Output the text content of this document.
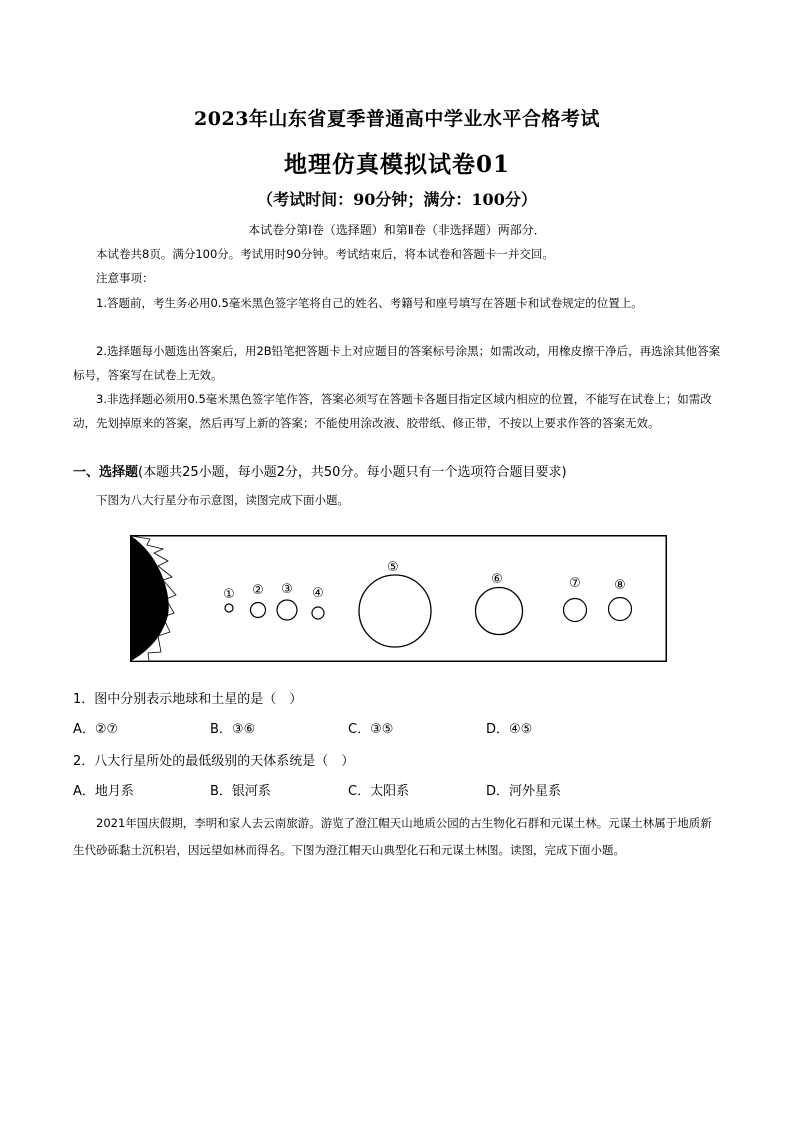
2023年山东省夏季普通高中学业水平合格考试
地理仿真模拟试卷01
（考试时间：90分钟；满分：100分）
本试卷分第Ⅰ卷（选择题）和第Ⅱ卷（非选择题）两部分．

本试卷共8页。满分100分。考试用时90分钟。考试结束后，将本试卷和答题卡一并交回。

注意事项：

1.答题前，考生务必用0.5毫米黑色签字笔将自己的姓名、考籍号和座号填写在答题卡和试卷规定的位置上。

2.选择题每小题选出答案后，用2B铅笔把答题卡上对应题目的答案标号涂黑；如需改动，用橡皮擦干净后，再选涂其他答案标号，答案写在试卷上无效。

3.非选择题必须用0.5毫米黑色签字笔作答，答案必须写在答题卡各题目指定区域内相应的位置，不能写在试卷上；如需改动，先划掉原来的答案，然后再写上新的答案；不能使用涂改液、胶带纸、修正带，不按以上要求作答的答案无效。

一、选择题(本题共25小题，每小题2分，共50分。每小题只有一个选项符合题目要求)

下图为八大行星分布示意图，读图完成下面小题。

① ② ③ ④
⑤
⑥	⑦	⑧
1．图中分别表示地球和土星的是（　）
A．②⑦	B．③⑥	C．③⑤	D．④⑤
2．八大行星所处的最低级别的天体系统是（　）
A．地月系	B．银河系	C．太阳系	D．河外星系

2021年国庆假期，李明和家人去云南旅游。游览了澄江帽天山地质公园的古生物化石群和元谋土林。元谋土林属于地质新生代砂砾黏土沉积岩，因远望如林而得名。下图为澄江帽天山典型化石和元谋土林图。读图，完成下面小题。
